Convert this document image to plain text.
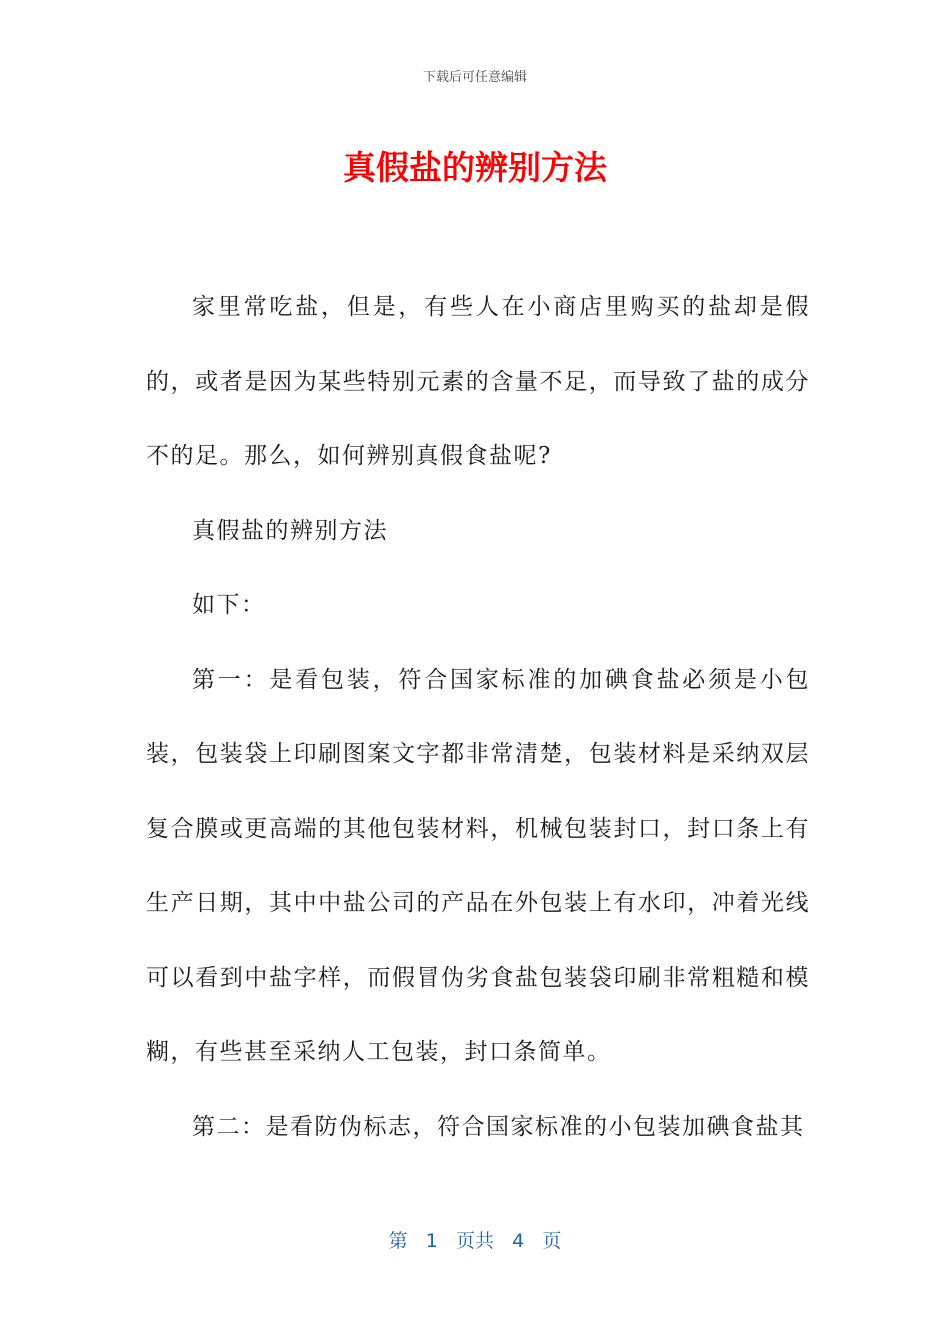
下载后可任意编辑
真假盐的辨别方法

家里常吃盐，但是，有些人在小商店里购买的盐却是假的，或者是因为某些特别元素的含量不足，而导致了盐的成分不的足。那么，如何辨别真假食盐呢?

真假盐的辨别方法

如下：

第一：是看包装，符合国家标准的加碘食盐必须是小包装，包装袋上印刷图案文字都非常清楚，包装材料是采纳双层复合膜或更高端的其他包装材料，机械包装封口，封口条上有生产日期，其中中盐公司的产品在外包装上有水印，冲着光线可以看到中盐字样，而假冒伪劣食盐包装袋印刷非常粗糙和模糊，有些甚至采纳人工包装，封口条简单。

第二：是看防伪标志，符合国家标准的小包装加碘食盐其

第 1 页共 4 页
